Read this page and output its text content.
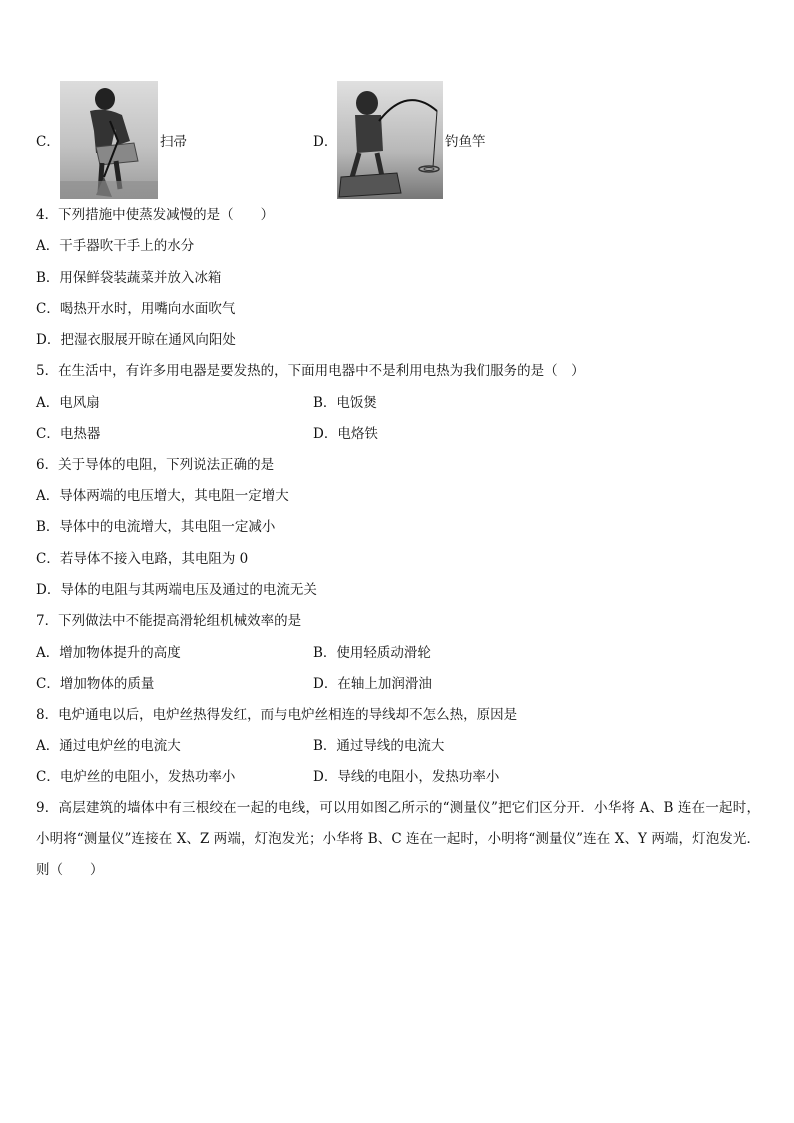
C．	扫帚	D．	钓鱼竿
4．下列措施中使蒸发减慢的是（　　）
A．干手器吹干手上的水分
B．用保鲜袋装蔬菜并放入冰箱
C．喝热开水时，用嘴向水面吹气
D．把湿衣服展开晾在通风向阳处
5．在生活中，有许多用电器是要发热的，下面用电器中不是利用电热为我们服务的是（　）
A．电风扇	B．电饭煲
C．电热器	D．电烙铁
6．关于导体的电阻，下列说法正确的是
A．导体两端的电压增大，其电阻一定增大
B．导体中的电流增大，其电阻一定减小
C．若导体不接入电路，其电阻为 0
D．导体的电阻与其两端电压及通过的电流无关
7．下列做法中不能提高滑轮组机械效率的是
A．增加物体提升的高度	B．使用轻质动滑轮
C．增加物体的质量	D．在轴上加润滑油
8．电炉通电以后，电炉丝热得发红，而与电炉丝相连的导线却不怎么热，原因是
A．通过电炉丝的电流大	B．通过导线的电流大
C．电炉丝的电阻小，发热功率小	D．导线的电阻小，发热功率小
9．高层建筑的墙体中有三根绞在一起的电线，可以用如图乙所示的“测量仪”把它们区分开．小华将 A、B 连在一起时，小明将“测量仪”连接在 X、Z 两端，灯泡发光；小华将 B、C 连在一起时，小明将“测量仪”连在 X、Y 两端，灯泡发光．则（　　）
